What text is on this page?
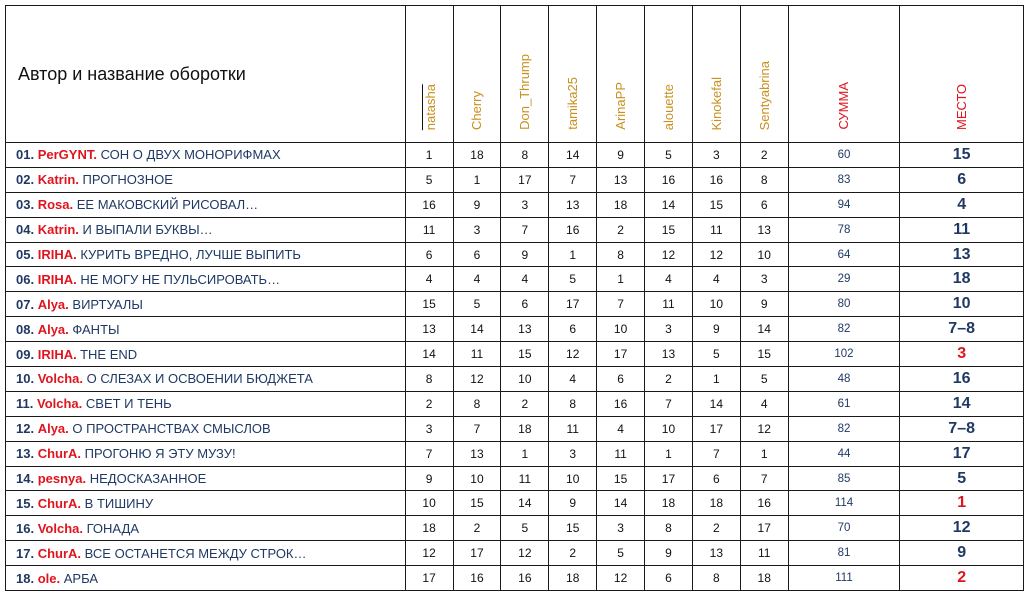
Автор и название оборотки	natasha	Cherry	Don_Thrump	tamika25	ArinaPP	alouette	Kinokefal	Sentyabrina	СУММА	МЕСТО

01. PerGYNT. СОН О ДВУХ МОНОРИФМАХ	1	18	8	14	9	5	3	2	60	15
02. Katrin. ПРОГНОЗНОЕ	5	1	17	7	13	16	16	8	83	6
03. Rosa. ЕЕ МАКОВСКИЙ РИСОВАЛ…	16	9	3	13	18	14	15	6	94	4
04. Katrin. И ВЫПАЛИ БУКВЫ…	11	3	7	16	2	15	11	13	78	11
05. IRIHA. КУРИТЬ ВРЕДНО, ЛУЧШЕ ВЫПИТЬ	6	6	9	1	8	12	12	10	64	13
06. IRIHA. НЕ МОГУ НЕ ПУЛЬСИРОВАТЬ…	4	4	4	5	1	4	4	3	29	18
07. Alya. ВИРТУАЛЫ	15	5	6	17	7	11	10	9	80	10
08. Alya. ФАНТЫ	13	14	13	6	10	3	9	14	82	7–8
09. IRIHA. THE END	14	11	15	12	17	13	5	15	102	3
10. Volcha. О СЛЕЗАХ И ОСВОЕНИИ БЮДЖЕТА	8	12	10	4	6	2	1	5	48	16
11. Volcha. СВЕТ И ТЕНЬ	2	8	2	8	16	7	14	4	61	14
12. Alya. О ПРОСТРАНСТВАХ СМЫСЛОВ	3	7	18	11	4	10	17	12	82	7–8
13. ChurA. ПРОГОНЮ Я ЭТУ МУЗУ!	7	13	1	3	11	1	7	1	44	17
14. pesnya. НЕДОСКАЗАННОЕ	9	10	11	10	15	17	6	7	85	5
15. ChurA. В ТИШИНУ	10	15	14	9	14	18	18	16	114	1
16. Volcha. ГОНАДА	18	2	5	15	3	8	2	17	70	12
17. ChurA. ВСЕ ОСТАНЕТСЯ МЕЖДУ СТРОК…	12	17	12	2	5	9	13	11	81	9
18. ole. АРБА	17	16	16	18	12	6	8	18	111	2
